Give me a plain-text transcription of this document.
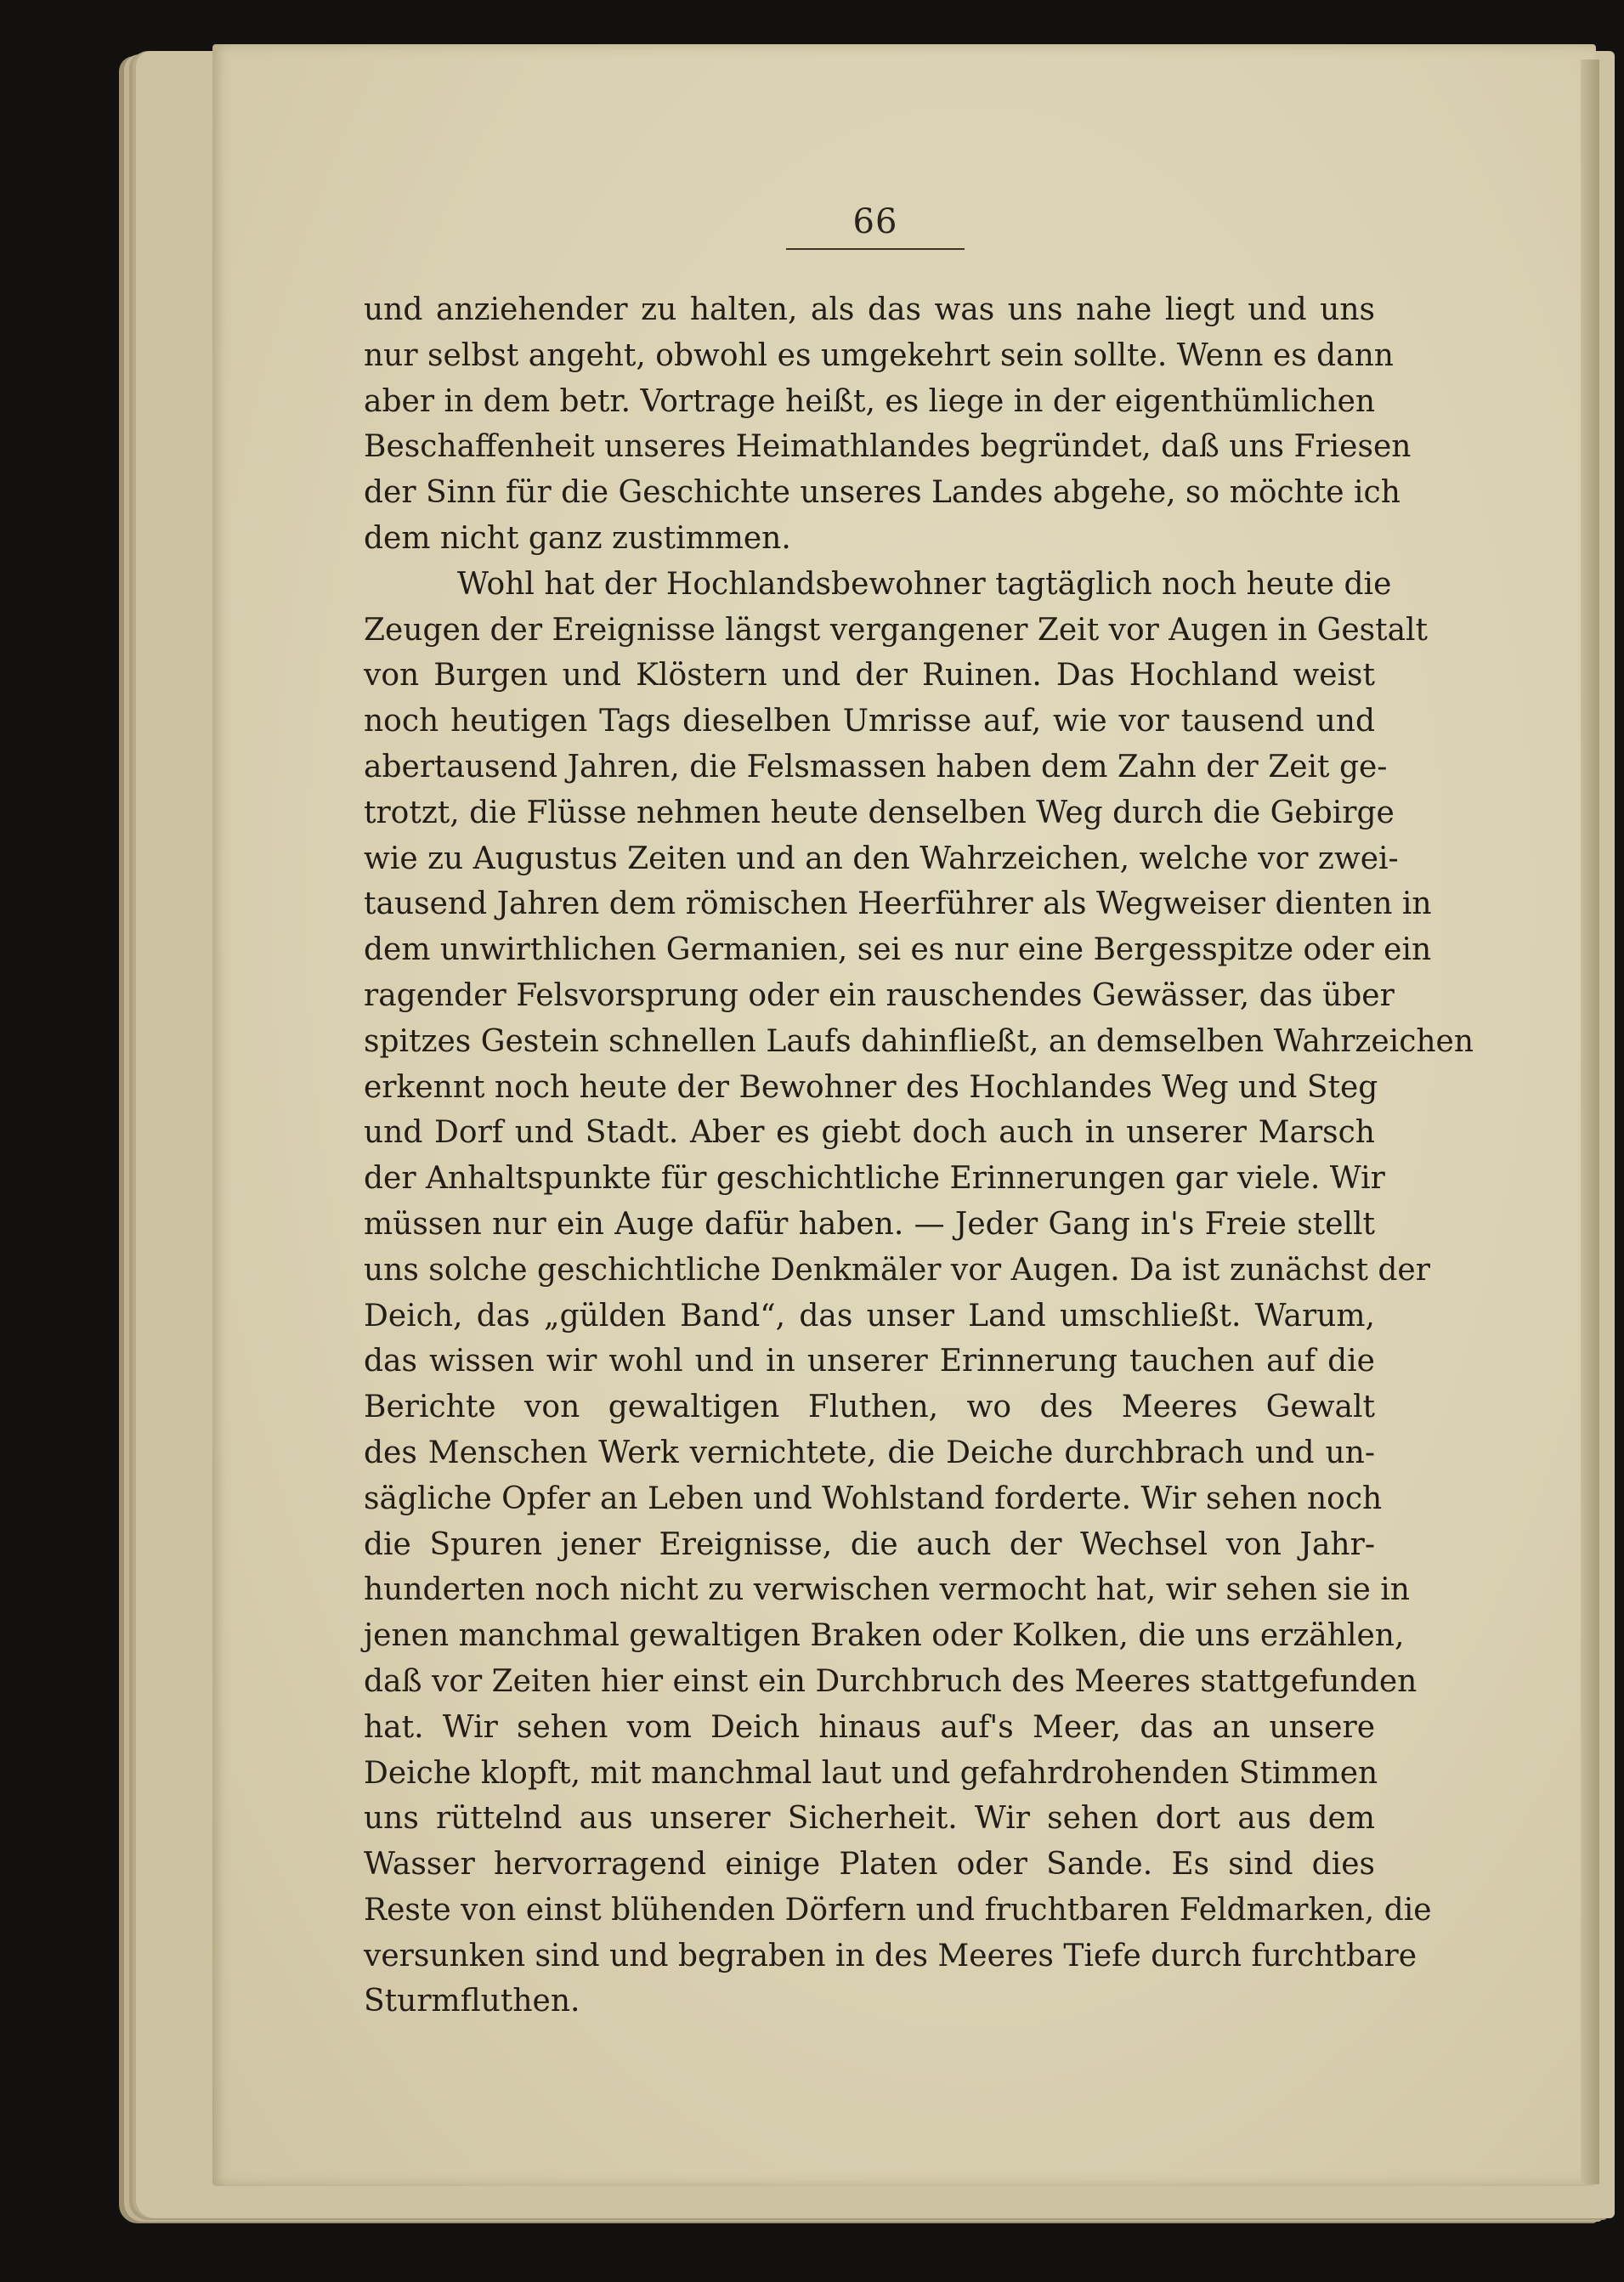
66
und anziehender zu halten, als das was uns nahe liegt und uns
nur selbst angeht, obwohl es umgekehrt sein sollte. Wenn es dann
aber in dem betr. Vortrage heißt, es liege in der eigenthümlichen
Beschaffenheit unseres Heimathlandes begründet, daß uns Friesen
der Sinn für die Geschichte unseres Landes abgehe, so möchte ich
dem nicht ganz zustimmen.
Wohl hat der Hochlandsbewohner tagtäglich noch heute die
Zeugen der Ereignisse längst vergangener Zeit vor Augen in Gestalt
von Burgen und Klöstern und der Ruinen. Das Hochland weist
noch heutigen Tags dieselben Umrisse auf, wie vor tausend und
abertausend Jahren, die Felsmassen haben dem Zahn der Zeit ge-
trotzt, die Flüsse nehmen heute denselben Weg durch die Gebirge
wie zu Augustus Zeiten und an den Wahrzeichen, welche vor zwei-
tausend Jahren dem römischen Heerführer als Wegweiser dienten in
dem unwirthlichen Germanien, sei es nur eine Bergesspitze oder ein
ragender Felsvorsprung oder ein rauschendes Gewässer, das über
spitzes Gestein schnellen Laufs dahinfließt, an demselben Wahrzeichen
erkennt noch heute der Bewohner des Hochlandes Weg und Steg
und Dorf und Stadt. Aber es giebt doch auch in unserer Marsch
der Anhaltspunkte für geschichtliche Erinnerungen gar viele. Wir
müssen nur ein Auge dafür haben. — Jeder Gang in's Freie stellt
uns solche geschichtliche Denkmäler vor Augen. Da ist zunächst der
Deich, das „gülden Band“, das unser Land umschließt. Warum,
das wissen wir wohl und in unserer Erinnerung tauchen auf die
Berichte von gewaltigen Fluthen, wo des Meeres Gewalt
des Menschen Werk vernichtete, die Deiche durchbrach und un-
sägliche Opfer an Leben und Wohlstand forderte. Wir sehen noch
die Spuren jener Ereignisse, die auch der Wechsel von Jahr-
hunderten noch nicht zu verwischen vermocht hat, wir sehen sie in
jenen manchmal gewaltigen Braken oder Kolken, die uns erzählen,
daß vor Zeiten hier einst ein Durchbruch des Meeres stattgefunden
hat. Wir sehen vom Deich hinaus auf's Meer, das an unsere
Deiche klopft, mit manchmal laut und gefahrdrohenden Stimmen
uns rüttelnd aus unserer Sicherheit. Wir sehen dort aus dem
Wasser hervorragend einige Platen oder Sande. Es sind dies
Reste von einst blühenden Dörfern und fruchtbaren Feldmarken, die
versunken sind und begraben in des Meeres Tiefe durch furchtbare
Sturmfluthen.
